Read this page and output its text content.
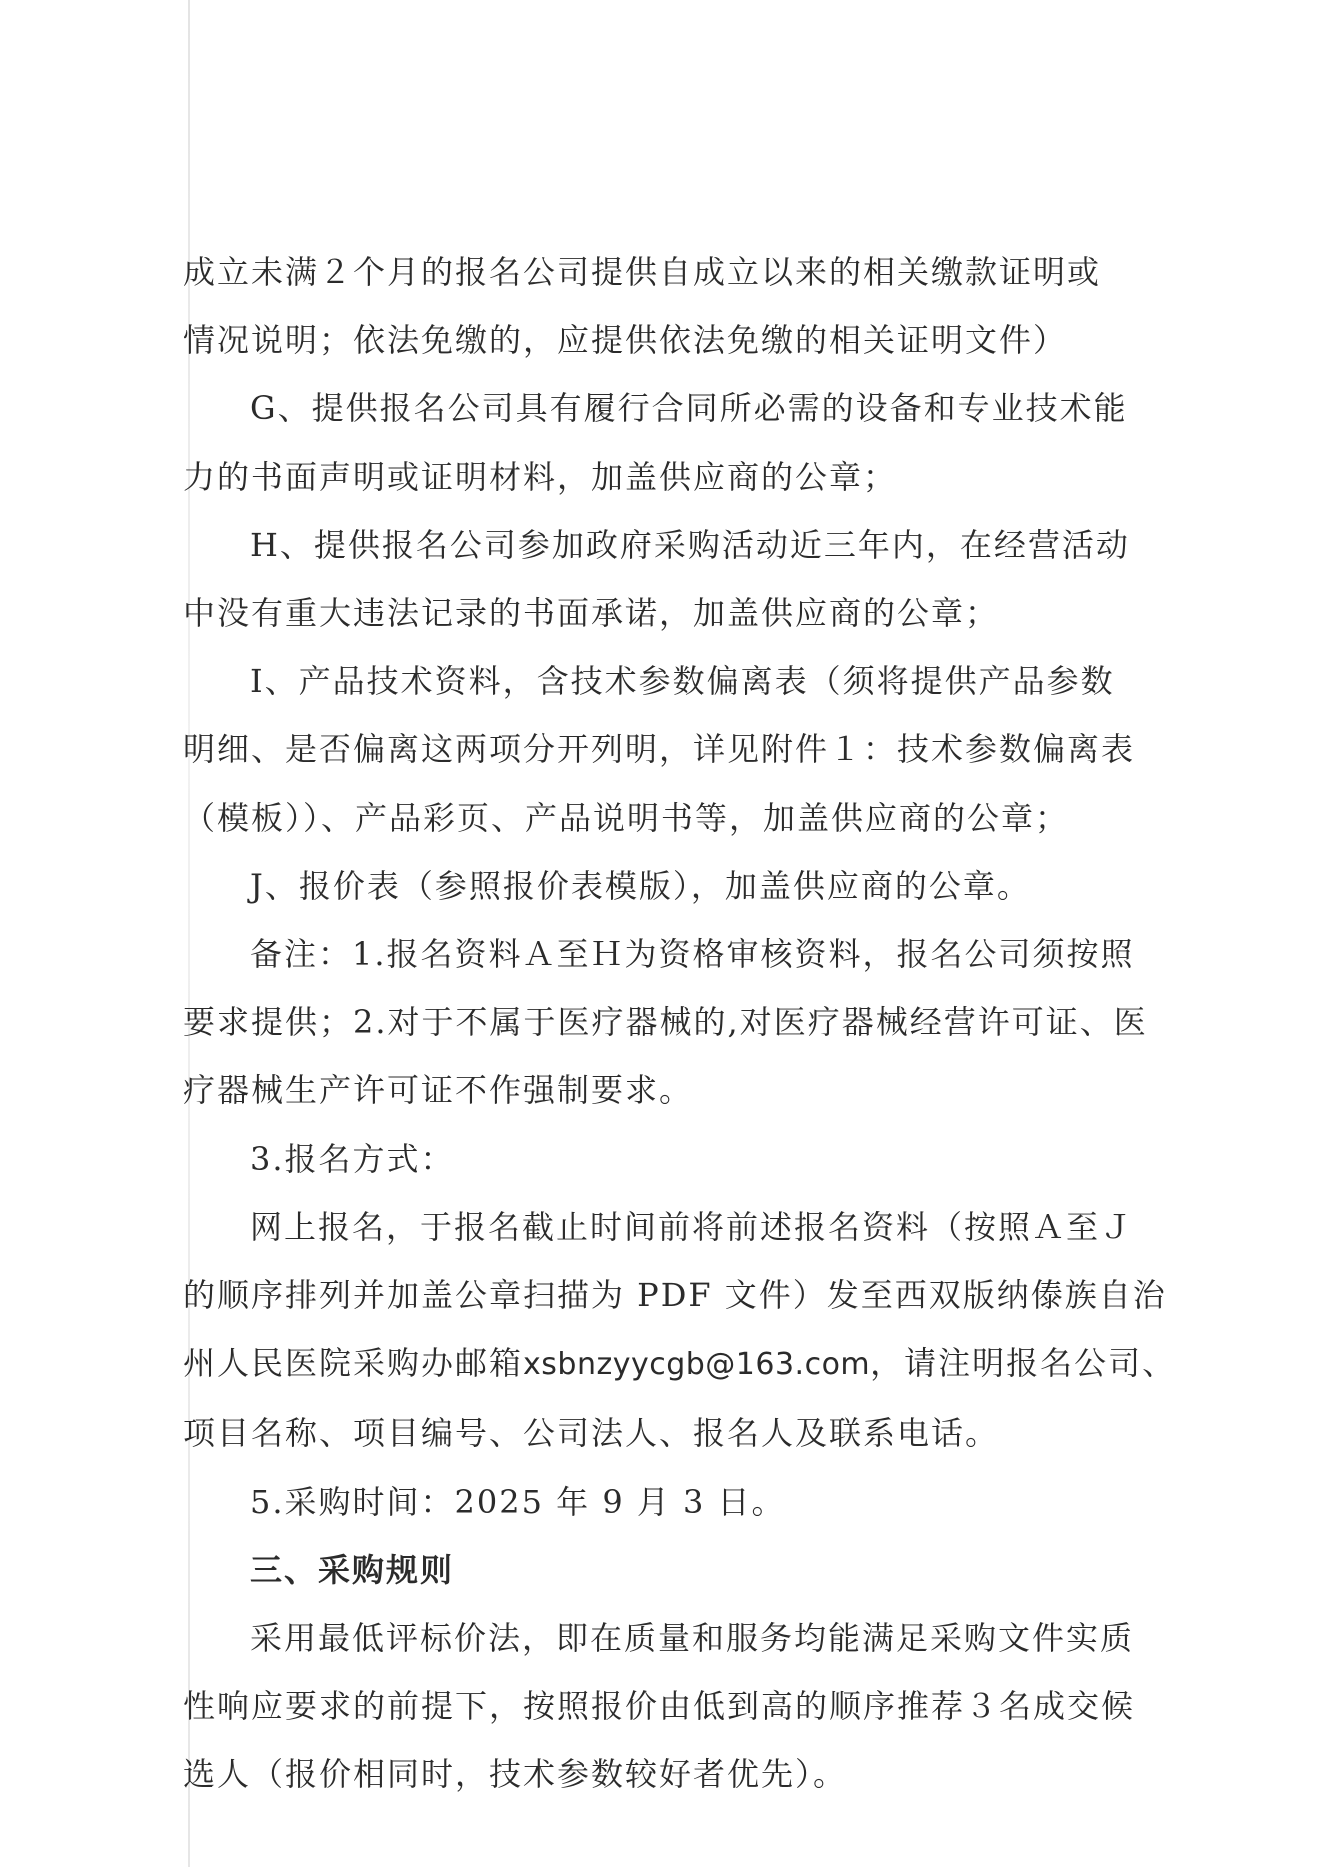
成立未满２个月的报名公司提供自成立以来的相关缴款证明或

情况说明；依法免缴的，应提供依法免缴的相关证明文件）

G、提供报名公司具有履行合同所必需的设备和专业技术能

力的书面声明或证明材料，加盖供应商的公章；

H、提供报名公司参加政府采购活动近三年内，在经营活动

中没有重大违法记录的书面承诺，加盖供应商的公章；

I、产品技术资料，含技术参数偏离表（须将提供产品参数

明细、是否偏离这两项分开列明，详见附件１：技术参数偏离表

（模板））、产品彩页、产品说明书等，加盖供应商的公章；

J、报价表（参照报价表模版），加盖供应商的公章。

备注：1.报名资料Ａ至Ｈ为资格审核资料，报名公司须按照

要求提供；2.对于不属于医疗器械的,对医疗器械经营许可证、医

疗器械生产许可证不作强制要求。

3.报名方式：

网上报名，于报名截止时间前将前述报名资料（按照Ａ至Ｊ

的顺序排列并加盖公章扫描为 PDF 文件）发至西双版纳傣族自治

州人民医院采购办邮箱xsbnzyycgb@163.com，请注明报名公司、

项目名称、项目编号、公司法人、报名人及联系电话。

5.采购时间：2025 年 9 月 3 日。

三、采购规则

采用最低评标价法，即在质量和服务均能满足采购文件实质

性响应要求的前提下，按照报价由低到高的顺序推荐３名成交候

选人（报价相同时，技术参数较好者优先）。
